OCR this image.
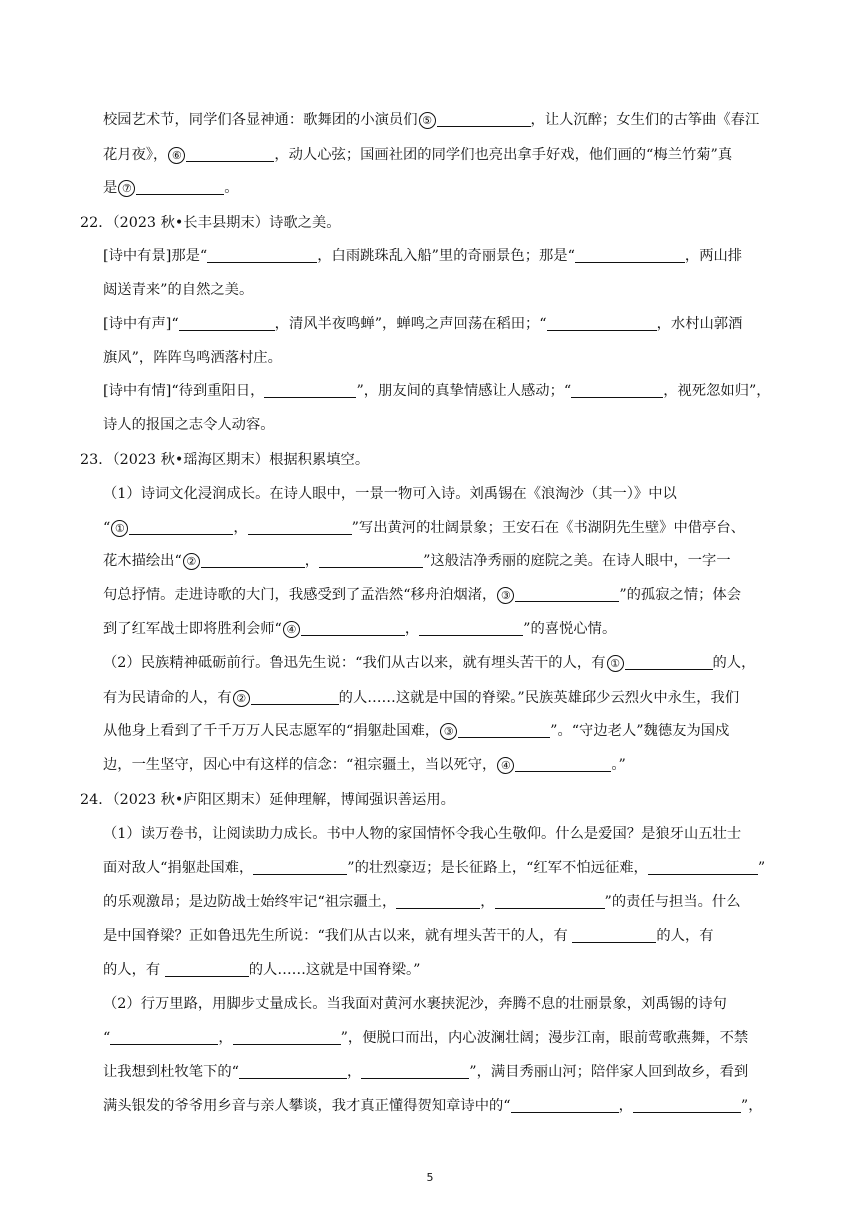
校园艺术节，同学们各显神通：歌舞团的小演员们 ⑤	，让人沉醉；女生们的古筝曲《春江
花月夜》， ⑥	，动人心弦；国画社团的同学们也亮出拿手好戏，他们画的“梅兰竹菊”真
是 ⑦	。
22．（2023 秋•长丰县期末）诗歌之美。
[诗中有景]那是“	，白雨跳珠乱入船”里的奇丽景色；那是“	，两山排
闼送青来”的自然之美。
[诗中有声]“	，清风半夜鸣蝉”，蝉鸣之声回荡在稻田；“	，水村山郭酒
旗风”，阵阵鸟鸣洒落村庄。
[诗中有情]“待到重阳日，	”，朋友间的真挚情感让人感动；“	，视死忽如归”，
诗人的报国之志令人动容。
23．（2023 秋•瑶海区期末）根据积累填空。
（1）诗词文化浸润成长。在诗人眼中，一景一物可入诗。刘禹锡在《浪淘沙（其一）》中以
“ ①	，	”写出黄河的壮阔景象；王安石在《书湖阴先生壁》中借亭台、
花木描绘出“ ②	，	”这般洁净秀丽的庭院之美。在诗人眼中，一字一
句总抒情。走进诗歌的大门，我感受到了孟浩然“移舟泊烟渚， ③	”的孤寂之情；体会
到了红军战士即将胜利会师“ ④	，	”的喜悦心情。
（2）民族精神砥砺前行。鲁迅先生说：“我们从古以来，就有埋头苦干的人，有 ①	的人，
有为民请命的人，有 ②	的人……这就是中国的脊梁。”民族英雄邱少云烈火中永生，我们
从他身上看到了千千万万人民志愿军的“捐躯赴国难， ③	”。“守边老人”魏德友为国戍
边，一生坚守，因心中有这样的信念：“祖宗疆土，当以死守， ④	。”
24．（2023 秋•庐阳区期末）延伸理解，博闻强识善运用。
（1）读万卷书，让阅读助力成长。书中人物的家国情怀令我心生敬仰。什么是爱国？是狼牙山五壮士
面对敌人“捐躯赴国难，	”的壮烈豪迈；是长征路上，“红军不怕远征难，	”
的乐观激昂；是边防战士始终牢记“祖宗疆土，	，	”的责任与担当。什么
是中国脊梁？正如鲁迅先生所说：“我们从古以来，就有埋头苦干的人，有	的人，有
的人，有	的人……这就是中国脊梁。”
（2）行万里路，用脚步丈量成长。当我面对黄河水裹挟泥沙，奔腾不息的壮丽景象，刘禹锡的诗句
“	，	”，便脱口而出，内心波澜壮阔；漫步江南，眼前莺歌燕舞，不禁
让我想到杜牧笔下的“	，	”，满目秀丽山河；陪伴家人回到故乡，看到
满头银发的爷爷用乡音与亲人攀谈，我才真正懂得贺知章诗中的“	，	”，
5
